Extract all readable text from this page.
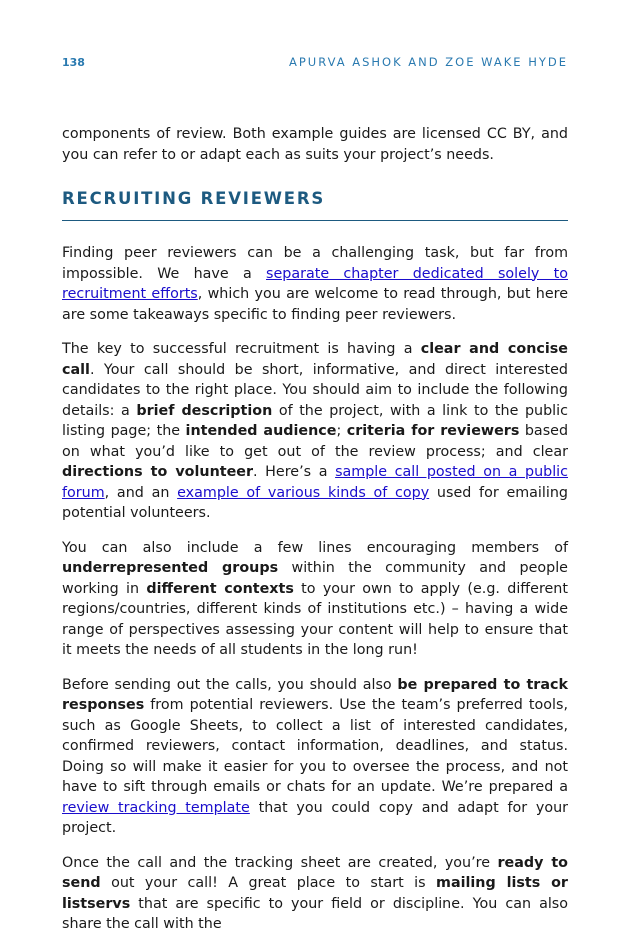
138	APURVA ASHOK AND ZOE WAKE HYDE

components of review. Both example guides are licensed CC BY, and you can refer to or adapt each as suits your project’s needs.

RECRUITING REVIEWERS

Finding peer reviewers can be a challenging task, but far from impossible. We have a separate chapter dedicated solely to recruitment efforts, which you are welcome to read through, but here are some takeaways specific to finding peer reviewers.

The key to successful recruitment is having a clear and concise call. Your call should be short, informative, and direct interested candidates to the right place. You should aim to include the following details: a brief description of the project, with a link to the public listing page; the intended audience; criteria for reviewers based on what you’d like to get out of the review process; and clear directions to volunteer. Here’s a sample call posted on a public forum, and an example of various kinds of copy used for emailing potential volunteers.

You can also include a few lines encouraging members of underrepresented groups within the community and people working in different contexts to your own to apply (e.g. different regions/countries, different kinds of institutions etc.) – having a wide range of perspectives assessing your content will help to ensure that it meets the needs of all students in the long run!

Before sending out the calls, you should also be prepared to track responses from potential reviewers. Use the team’s preferred tools, such as Google Sheets, to collect a list of interested candidates, confirmed reviewers, contact information, deadlines, and status. Doing so will make it easier for you to oversee the process, and not have to sift through emails or chats for an update. We’re prepared a review tracking template that you could copy and adapt for your project.

Once the call and the tracking sheet are created, you’re ready to send out your call! A great place to start is mailing lists or listservs that are specific to your field or discipline. You can also share the call with the
